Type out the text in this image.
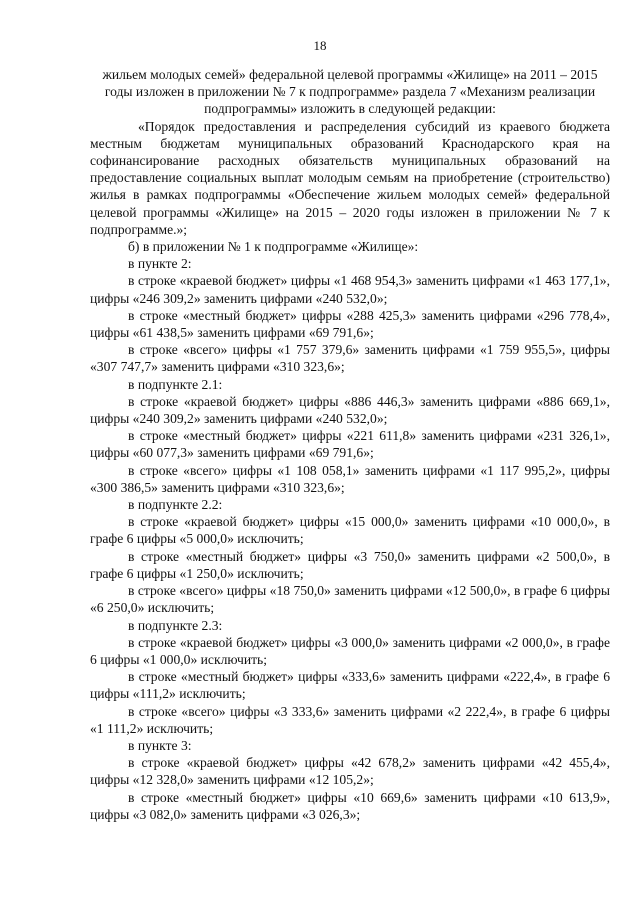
18

жильем молодых семей» федеральной целевой программы «Жилище» на 2011 – 2015 годы изложен в приложении № 7 к подпрограмме» раздела 7 «Механизм реализации подпрограммы» изложить в следующей редакции:

«Порядок предоставления и распределения субсидий из краевого бюджета местным бюджетам муниципальных образований Краснодарского края на софинансирование расходных обязательств муниципальных образований на предоставление социальных выплат молодым семьям на приобретение (строительство) жилья в рамках подпрограммы «Обеспечение жильем молодых семей» федеральной целевой программы «Жилище» на 2015 – 2020 годы изложен в приложении № 7 к подпрограмме.»;

б) в приложении № 1 к подпрограмме «Жилище»:

в пункте 2:

в строке «краевой бюджет» цифры «1 468 954,3» заменить цифрами «1 463 177,1», цифры «246 309,2» заменить цифрами «240 532,0»;

в строке «местный бюджет» цифры «288 425,3» заменить цифрами «296 778,4», цифры «61 438,5» заменить цифрами «69 791,6»;

в строке «всего» цифры «1 757 379,6» заменить цифрами «1 759 955,5», цифры «307 747,7» заменить цифрами «310 323,6»;

в подпункте 2.1:

в строке «краевой бюджет» цифры «886 446,3» заменить цифрами «886 669,1», цифры «240 309,2» заменить цифрами «240 532,0»;

в строке «местный бюджет» цифры «221 611,8» заменить цифрами «231 326,1», цифры «60 077,3» заменить цифрами «69 791,6»;

в строке «всего» цифры «1 108 058,1» заменить цифрами «1 117 995,2», цифры «300 386,5» заменить цифрами «310 323,6»;

в подпункте 2.2:

в строке «краевой бюджет» цифры «15 000,0» заменить цифрами «10 000,0», в графе 6 цифры «5 000,0» исключить;

в строке «местный бюджет» цифры «3 750,0» заменить цифрами «2 500,0», в графе 6 цифры «1 250,0» исключить;

в строке «всего» цифры «18 750,0» заменить цифрами «12 500,0», в графе 6 цифры «6 250,0» исключить;

в подпункте 2.3:

в строке «краевой бюджет» цифры «3 000,0» заменить цифрами «2 000,0», в графе 6 цифры «1 000,0» исключить;

в строке «местный бюджет» цифры «333,6» заменить цифрами «222,4», в графе 6 цифры «111,2» исключить;

в строке «всего» цифры «3 333,6» заменить цифрами «2 222,4», в графе 6 цифры «1 111,2» исключить;

в пункте 3:

в строке «краевой бюджет» цифры «42 678,2» заменить цифрами «42 455,4», цифры «12 328,0» заменить цифрами «12 105,2»;

в строке «местный бюджет» цифры «10 669,6» заменить цифрами «10 613,9», цифры «3 082,0» заменить цифрами «3 026,3»;
